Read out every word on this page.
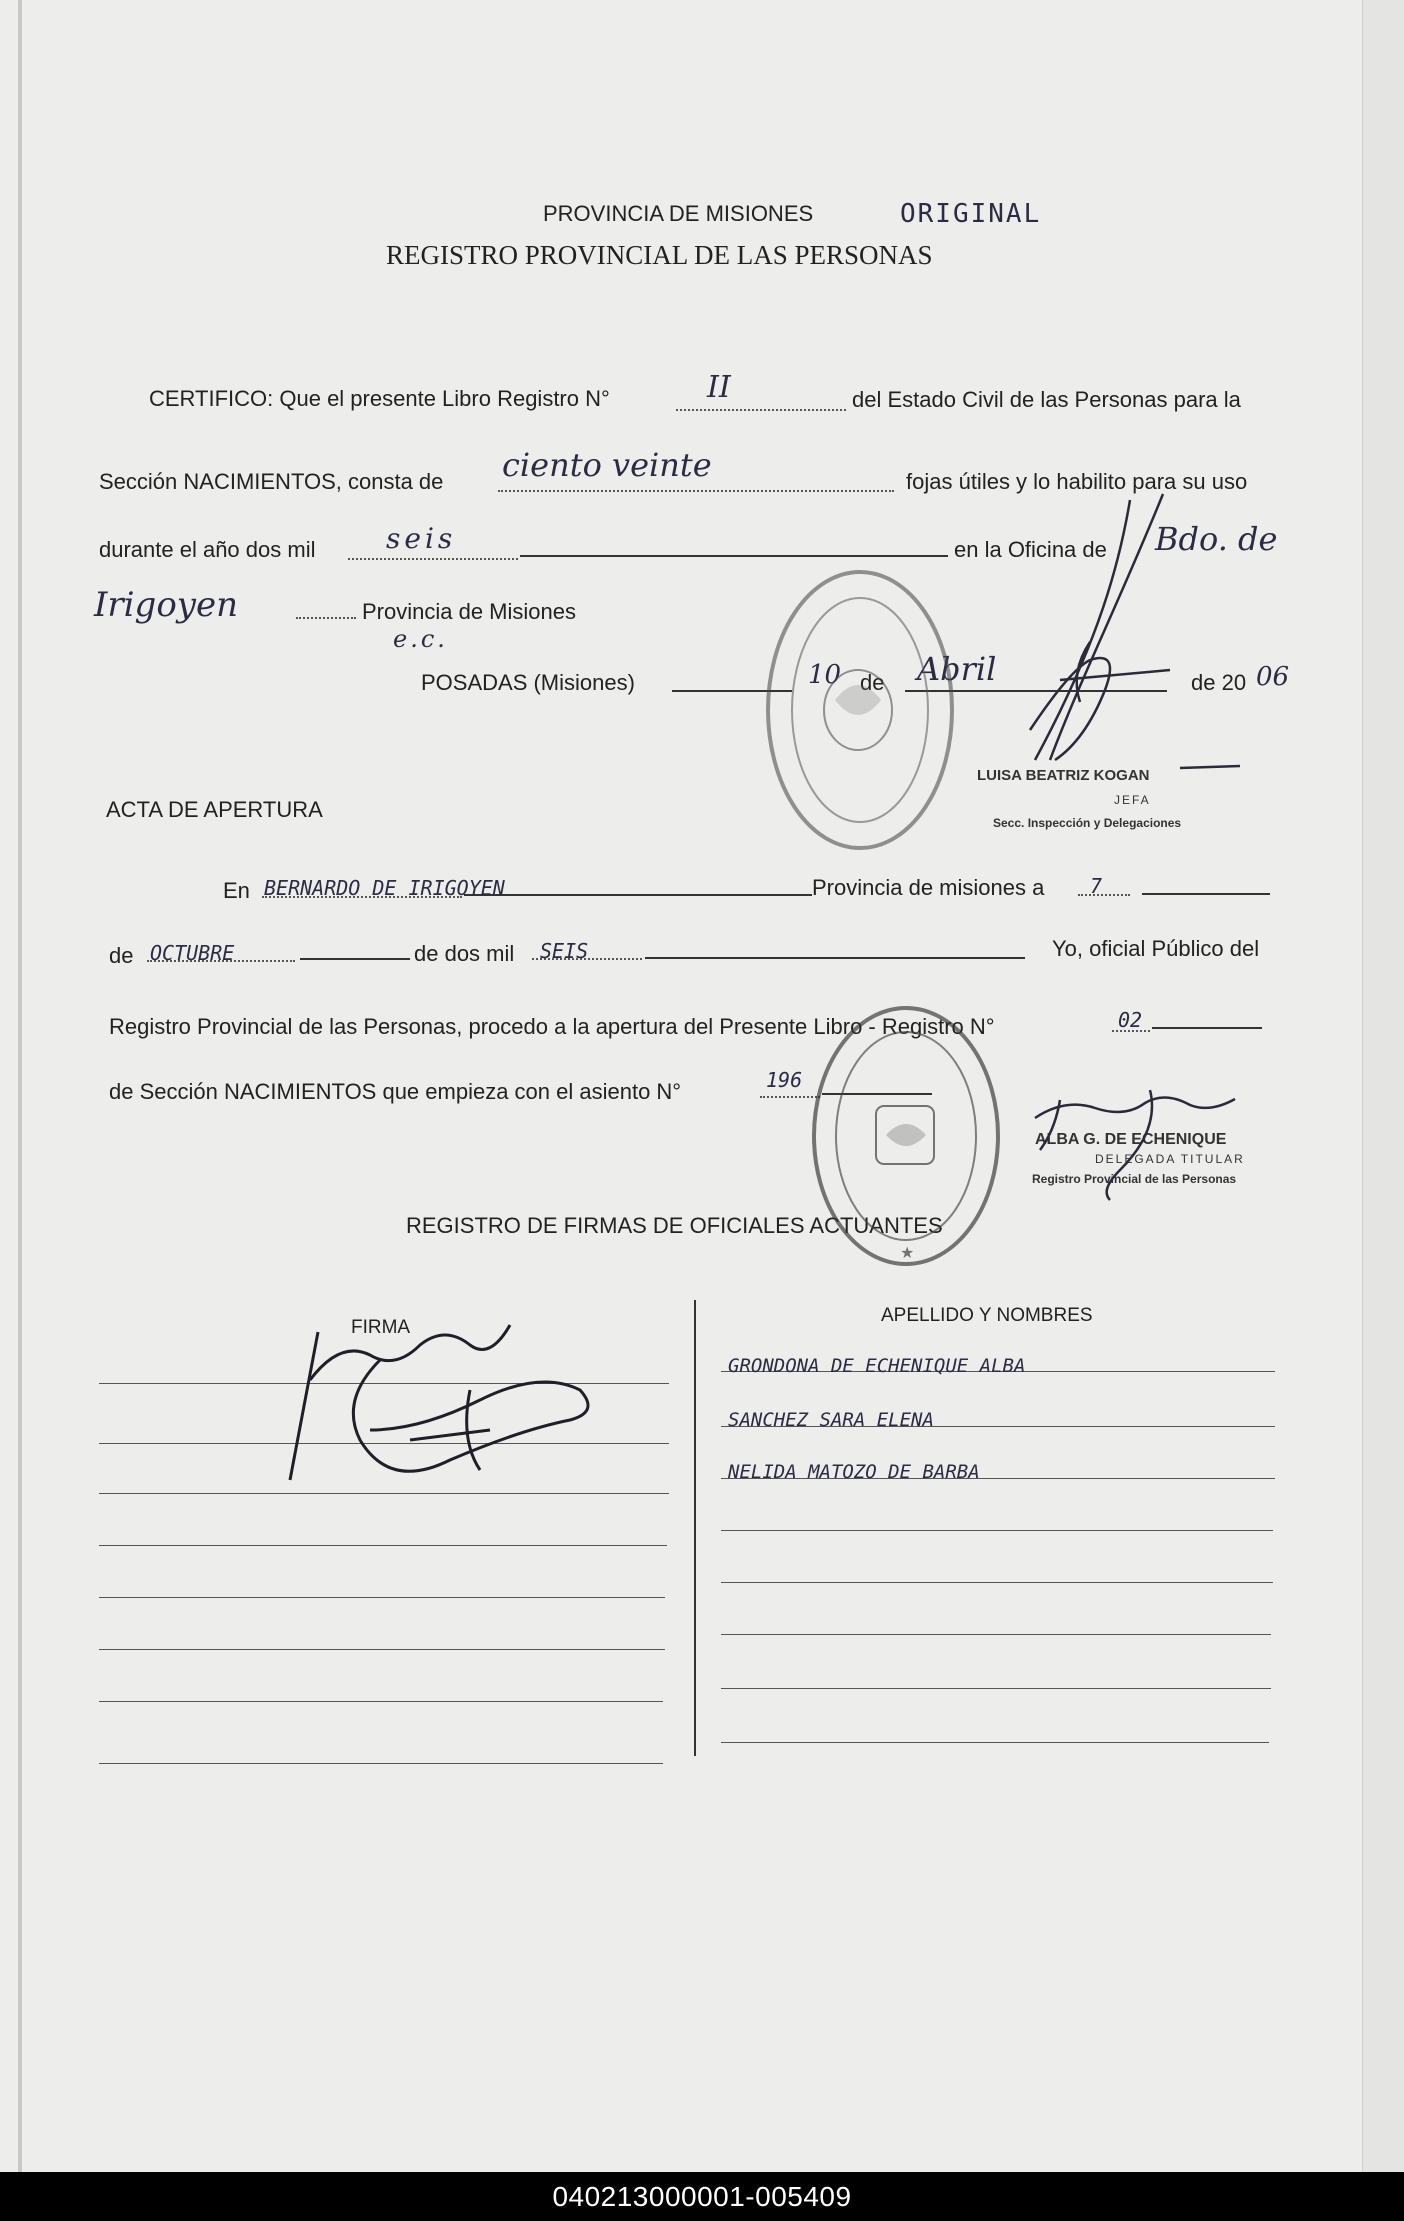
PROVINCIA DE MISIONES	ORIGINAL
REGISTRO PROVINCIAL DE LAS PERSONAS
CERTIFICO: Que el presente Libro Registro N°	II	del Estado Civil de las Personas para la
Sección NACIMIENTOS, consta de ciento veinte	fojas útiles y lo habilito para su uso
durante el año dos mil	seis	en la Oficina de Bdo. de
Irigoyen	Provincia de Misiones
e.c.
POSADAS (Misiones)	10 de Abril	de 20 06
LUISA BEATRIZ KOGAN
JEFA
Secc. Inspección y Delegaciones
ACTA DE APERTURA
En BERNARDO DE IRIGOYEN	Provincia de misiones a 7
de OCTUBRE	de dos mil SEIS	Yo, oficial Público del
Registro Provincial de las Personas, procedo a la apertura del Presente Libro - Registro N°	02
de Sección NACIMIENTOS que empieza con el asiento N°	196
ALBA G. DE ECHENIQUE
DELEGADA TITULAR
Registro Provincial de las Personas
REGISTRO DE FIRMAS DE OFICIALES ACTUANTES
FIRMA
APELLIDO Y NOMBRES
GRONDONA DE ECHENIQUE ALBA
SANCHEZ SARA ELENA
NELIDA MATOZO DE BARBA
★
040213000001-005409
